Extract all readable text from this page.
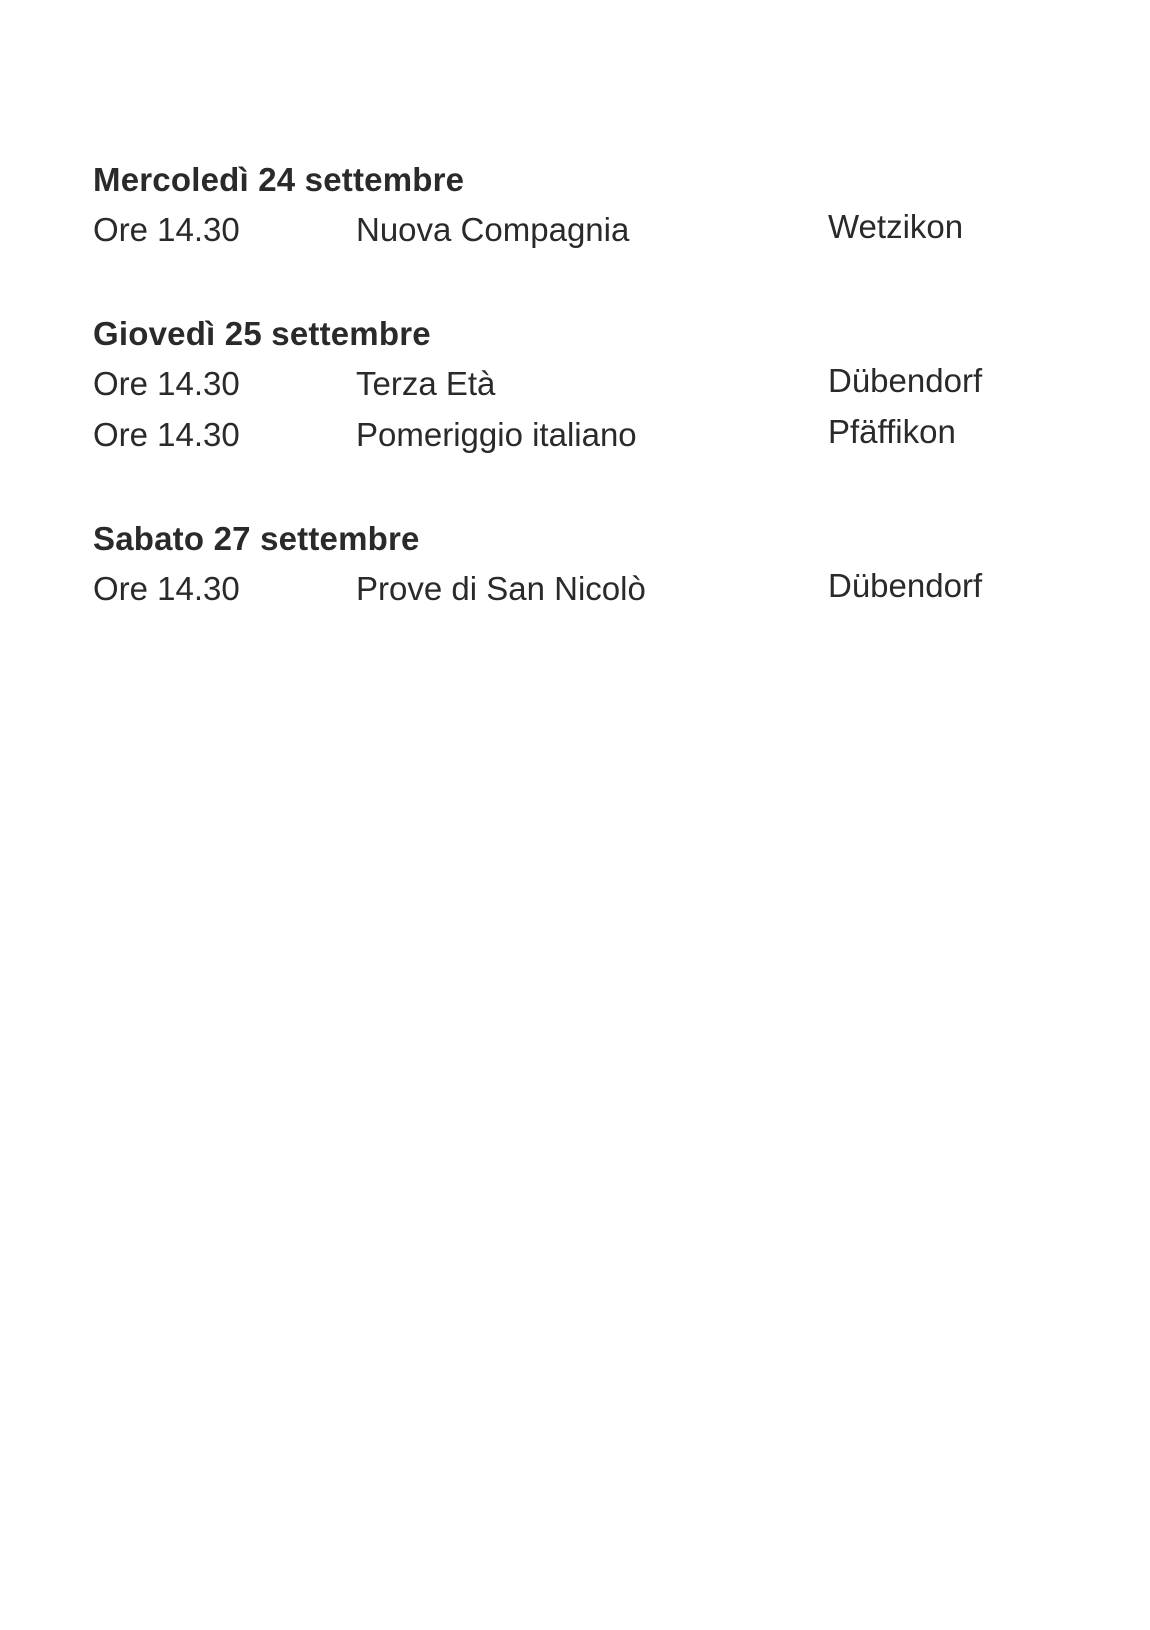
Mercoledì 24 settembre
Ore 14.30	Nuova Compagnia	Wetzikon
Giovedì 25 settembre
Ore 14.30	Terza Età	Dübendorf
Ore 14.30	Pomeriggio italiano	Pfäffikon
Sabato 27 settembre
Ore 14.30	Prove di San Nicolò	Dübendorf
